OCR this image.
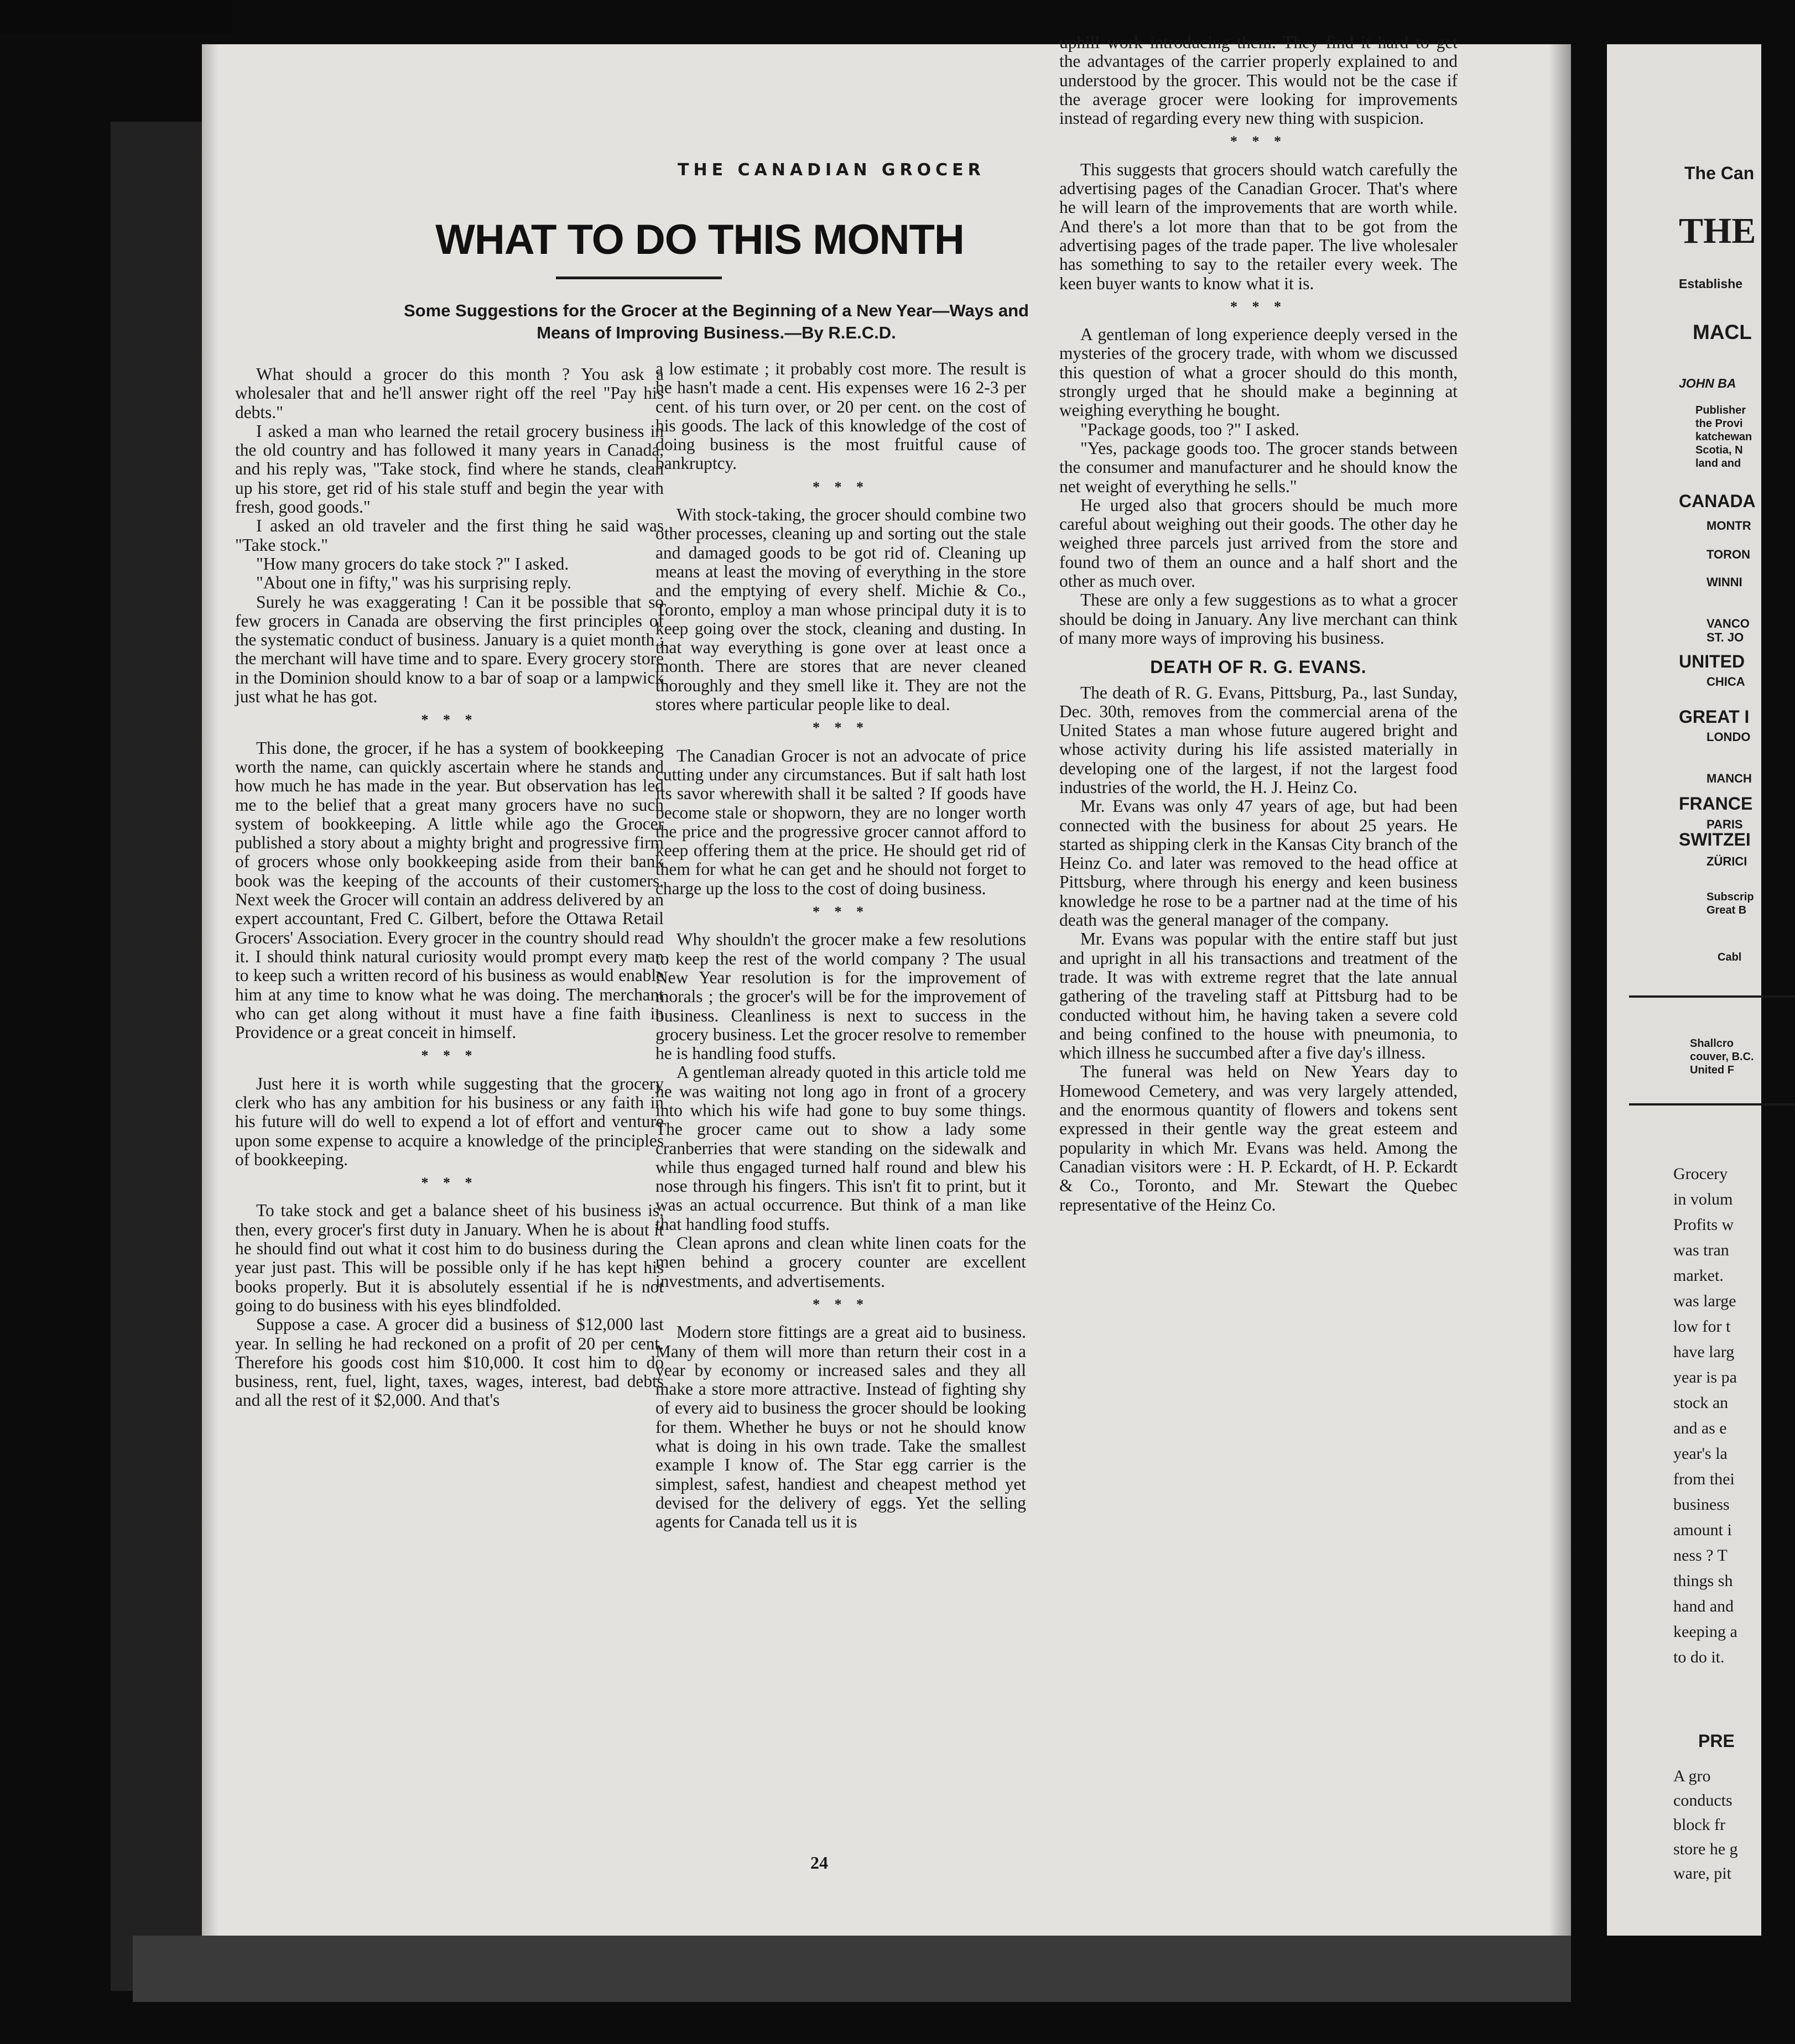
THE CANADIAN GROCER
WHAT TO DO THIS MONTH

Some Suggestions for the Grocer at the Beginning of a New Year—Ways and
Means of Improving Business.—By R.E.C.D.

What should a grocer do this month ? You ask a wholesaler that and he'll answer right off the reel "Pay his debts."

I asked a man who learned the retail grocery business in the old country and has followed it many years in Canada, and his reply was, "Take stock, find where he stands, clean up his store, get rid of his stale stuff and begin the year with fresh, good goods."

I asked an old traveler and the first thing he said was "Take stock."

"How many grocers do take stock ?" I asked.

"About one in fifty," was his surprising reply.

Surely he was exaggerating ! Can it be possible that so few grocers in Canada are observing the first principles of the systematic conduct of business. January is a quiet month ; the merchant will have time and to spare. Every grocery store in the Dominion should know to a bar of soap or a lampwick just what he has got.

* * *

This done, the grocer, if he has a system of bookkeeping worth the name, can quickly ascertain where he stands and how much he has made in the year. But observation has led me to the belief that a great many grocers have no such system of bookkeeping. A little while ago the Grocer published a story about a mighty bright and progressive firm of grocers whose only bookkeeping aside from their bank book was the keeping of the accounts of their customers. Next week the Grocer will contain an address delivered by an expert accountant, Fred C. Gilbert, before the Ottawa Retail Grocers' Association. Every grocer in the country should read it. I should think natural curiosity would prompt every man to keep such a written record of his business as would enable him at any time to know what he was doing. The merchant who can get along without it must have a fine faith in Providence or a great conceit in himself.

* * *

Just here it is worth while suggesting that the grocery clerk who has any ambition for his business or any faith in his future will do well to expend a lot of effort and venture upon some expense to acquire a knowledge of the principles of bookkeeping.

* * *

To take stock and get a balance sheet of his business is, then, every grocer's first duty in January. When he is about it he should find out what it cost him to do business during the year just past. This will be possible only if he has kept his books properly. But it is absolutely essential if he is not going to do business with his eyes blindfolded.

Suppose a case. A grocer did a business of $12,000 last year. In selling he had reckoned on a profit of 20 per cent. Therefore his goods cost him $10,000. It cost him to do business, rent, fuel, light, taxes, wages, interest, bad debts and all the rest of it $2,000. And that's

a low estimate ; it probably cost more. The result is he hasn't made a cent. His expenses were 16 2-3 per cent. of his turn over, or 20 per cent. on the cost of his goods. The lack of this knowledge of the cost of doing business is the most fruitful cause of bankruptcy.

* * *

With stock-taking, the grocer should combine two other processes, cleaning up and sorting out the stale and damaged goods to be got rid of. Cleaning up means at least the moving of everything in the store and the emptying of every shelf. Michie & Co., Toronto, employ a man whose principal duty it is to keep going over the stock, cleaning and dusting. In that way everything is gone over at least once a month. There are stores that are never cleaned thoroughly and they smell like it. They are not the stores where particular people like to deal.

* * *

The Canadian Grocer is not an advocate of price cutting under any circumstances. But if salt hath lost its savor wherewith shall it be salted ? If goods have become stale or shopworn, they are no longer worth the price and the progressive grocer cannot afford to keep offering them at the price. He should get rid of them for what he can get and he should not forget to charge up the loss to the cost of doing business.

* * *

Why shouldn't the grocer make a few resolutions to keep the rest of the world company ? The usual New Year resolution is for the improvement of morals ; the grocer's will be for the improvement of business. Cleanliness is next to success in the grocery business. Let the grocer resolve to remember he is handling food stuffs.

A gentleman already quoted in this article told me he was waiting not long ago in front of a grocery into which his wife had gone to buy some things. The grocer came out to show a lady some cranberries that were standing on the sidewalk and while thus engaged turned half round and blew his nose through his fingers. This isn't fit to print, but it was an actual occurrence. But think of a man like that handling food stuffs.

Clean aprons and clean white linen coats for the men behind a grocery counter are excellent investments, and advertisements.

* * *

Modern store fittings are a great aid to business. Many of them will more than return their cost in a year by economy or increased sales and they all make a store more attractive. Instead of fighting shy of every aid to business the grocer should be looking for them. Whether he buys or not he should know what is doing in his own trade. Take the smallest example I know of. The Star egg carrier is the simplest, safest, handiest and cheapest method yet devised for the delivery of eggs. Yet the selling agents for Canada tell us it is

uphill work introducing them. They find it hard to get the advantages of the carrier properly explained to and understood by the grocer. This would not be the case if the average grocer were looking for improvements instead of regarding every new thing with suspicion.

* * *

This suggests that grocers should watch carefully the advertising pages of the Canadian Grocer. That's where he will learn of the improvements that are worth while. And there's a lot more than that to be got from the advertising pages of the trade paper. The live wholesaler has something to say to the retailer every week. The keen buyer wants to know what it is.

* * *

A gentleman of long experience deeply versed in the mysteries of the grocery trade, with whom we discussed this question of what a grocer should do this month, strongly urged that he should make a beginning at weighing everything he bought.

"Package goods, too ?" I asked.

"Yes, package goods too. The grocer stands between the consumer and manufacturer and he should know the net weight of everything he sells."

He urged also that grocers should be much more careful about weighing out their goods. The other day he weighed three parcels just arrived from the store and found two of them an ounce and a half short and the other as much over.

These are only a few suggestions as to what a grocer should be doing in January. Any live merchant can think of many more ways of improving his business.

DEATH OF R. G. EVANS.

The death of R. G. Evans, Pittsburg, Pa., last Sunday, Dec. 30th, removes from the commercial arena of the United States a man whose future augered bright and whose activity during his life assisted materially in developing one of the largest, if not the largest food industries of the world, the H. J. Heinz Co.

Mr. Evans was only 47 years of age, but had been connected with the business for about 25 years. He started as shipping clerk in the Kansas City branch of the Heinz Co. and later was removed to the head office at Pittsburg, where through his energy and keen business knowledge he rose to be a partner nad at the time of his death was the general manager of the company.

Mr. Evans was popular with the entire staff but just and upright in all his transactions and treatment of the trade. It was with extreme regret that the late annual gathering of the traveling staff at Pittsburg had to be conducted without him, he having taken a severe cold and being confined to the house with pneumonia, to which illness he succumbed after a five day's illness.

The funeral was held on New Years day to Homewood Cemetery, and was very largely attended, and the enormous quantity of flowers and tokens sent expressed in their gentle way the great esteem and popularity in which Mr. Evans was held. Among the Canadian visitors were : H. P. Eckardt, of H. P. Eckardt & Co., Toronto, and Mr. Stewart the Quebec representative of the Heinz Co.

24
The Can
THE
Establishe
MACL
JOHN BA
Publisher
the Provi
katchewan
Scotia, N
land and
CANADA
MONTR
TORON
WINNI
VANCO
ST. JO
UNITED
CHICA
GREAT I
LONDO
MANCH
FRANCE
PARIS
SWITZEI
ZÜRICI
Subscrip
Great B
Cabl
Shallcro
couver, B.C.
United F
Grocery
in volum
Profits w
was tran
market.
was large
low for t
have larg
year is pa
stock an
and as e
year's la
from thei
business
amount i
ness ? T
things sh
hand and
keeping a
to do it.
PRE
A gro
conducts
block fr
store he g
ware, pit
